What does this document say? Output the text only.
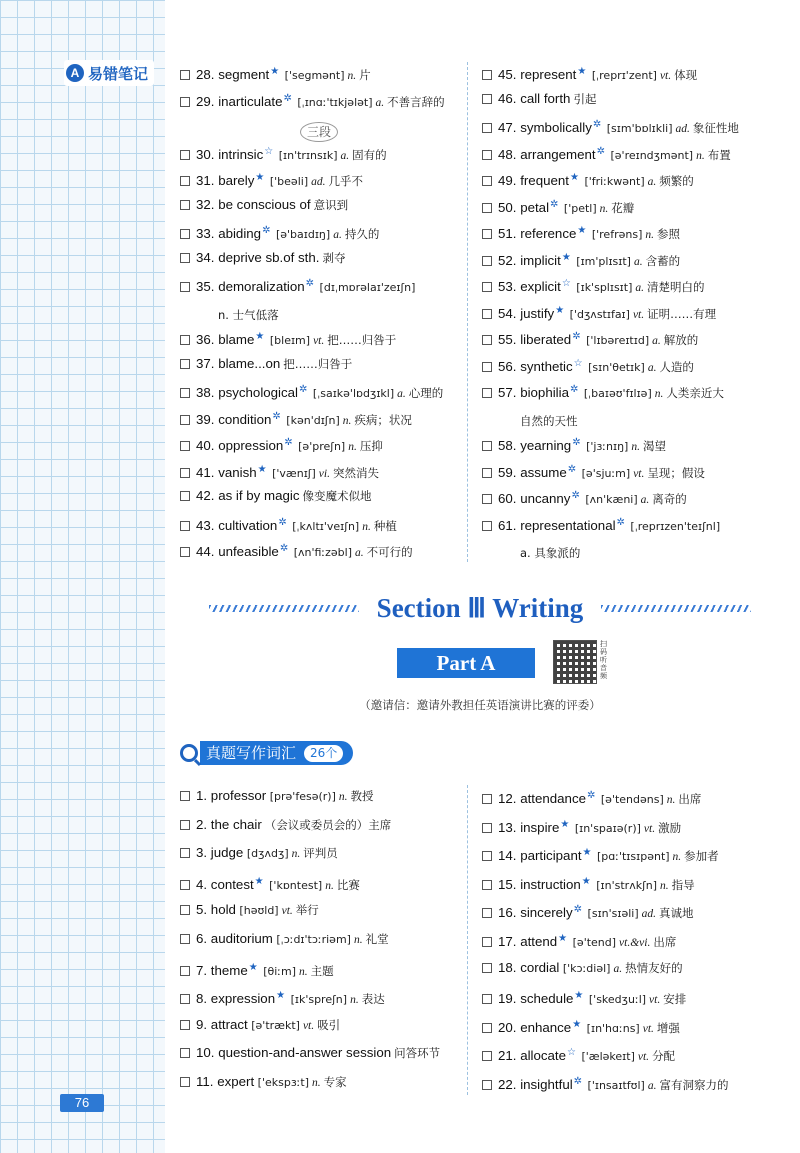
A 易错笔记	28. segment★ ['segmənt] n. 片
29. inarticulate✲ [ˌɪnɑː'tɪkjələt] a. 不善言辞的
30. intrinsic☆ [ɪn'trɪnsɪk] a. 固有的
31. barely★ ['beəli] ad. 几乎不
32. be conscious of 意识到
33. abiding✲ [ə'baɪdɪŋ] a. 持久的
34. deprive sb.of sth. 剥夺
35. demoralization✲ [dɪˌmɒrəlaɪ'zeɪʃn]
n. 士气低落
36. blame★ [bleɪm] vt. 把……归咎于
37. blame...on 把……归咎于
38. psychological✲ [ˌsaɪkə'lɒdʒɪkl] a. 心理的
39. condition✲ [kən'dɪʃn] n. 疾病；状况
40. oppression✲ [ə'preʃn] n. 压抑
41. vanish★ ['vænɪʃ] vi. 突然消失
42. as if by magic 像变魔术似地
43. cultivation✲ [ˌkʌltɪ'veɪʃn] n. 种植
44. unfeasible✲ [ʌn'fiːzəbl] a. 不可行的
45. represent★ [ˌreprɪ'zent] vt. 体现
46. call forth 引起
47. symbolically✲ [sɪm'bɒlɪkli] ad. 象征性地
48. arrangement✲ [ə'reɪndʒmənt] n. 布置
49. frequent★ ['friːkwənt] a. 频繁的
50. petal✲ ['petl] n. 花瓣
51. reference★ ['refrəns] n. 参照
52. implicit★ [ɪm'plɪsɪt] a. 含蓄的
53. explicit☆ [ɪk'splɪsɪt] a. 清楚明白的
54. justify★ ['dʒʌstɪfaɪ] vt. 证明……有理
55. liberated✲ ['lɪbəreɪtɪd] a. 解放的
56. synthetic☆ [sɪn'θetɪk] a. 人造的
57. biophilia✲ [ˌbaɪəʊ'fɪlɪə] n. 人类亲近大
自然的天性
58. yearning✲ ['jɜːnɪŋ] n. 渴望
59. assume✲ [ə'sjuːm] vt. 呈现；假设
60. uncanny✲ [ʌn'kæni] a. 离奇的
61. representational✲ [ˌreprɪzen'teɪʃnl]
a. 具象派的
三段
Section Ⅲ Writing
Part A
扫码听音频
（邀请信：邀请外教担任英语演讲比赛的评委）
真题写作词汇	26个
1. professor [prə'fesə(r)] n. 教授
2. the chair （会议或委员会的）主席
3. judge [dʒʌdʒ] n. 评判员
4. contest★ ['kɒntest] n. 比赛
5. hold [həʊld] vt. 举行
6. auditorium [ˌɔːdɪ'tɔːriəm] n. 礼堂
7. theme★ [θiːm] n. 主题
8. expression★ [ɪk'spreʃn] n. 表达
9. attract [ə'trækt] vt. 吸引
10. question-and-answer session 问答环节
11. expert ['ekspɜːt] n. 专家
12. attendance✲ [ə'tendəns] n. 出席
13. inspire★ [ɪn'spaɪə(r)] vt. 激励
14. participant★ [pɑː'tɪsɪpənt] n. 参加者
15. instruction★ [ɪn'strʌkʃn] n. 指导
16. sincerely✲ [sɪn'sɪəli] ad. 真诚地
17. attend★ [ə'tend] vt.&vi. 出席
18. cordial ['kɔːdiəl] a. 热情友好的
19. schedule★ ['skedʒuːl] vt. 安排
20. enhance★ [ɪn'hɑːns] vt. 增强
21. allocate☆ ['æləkeɪt] vt. 分配
22. insightful✲ ['ɪnsaɪtfʊl] a. 富有洞察力的
76
